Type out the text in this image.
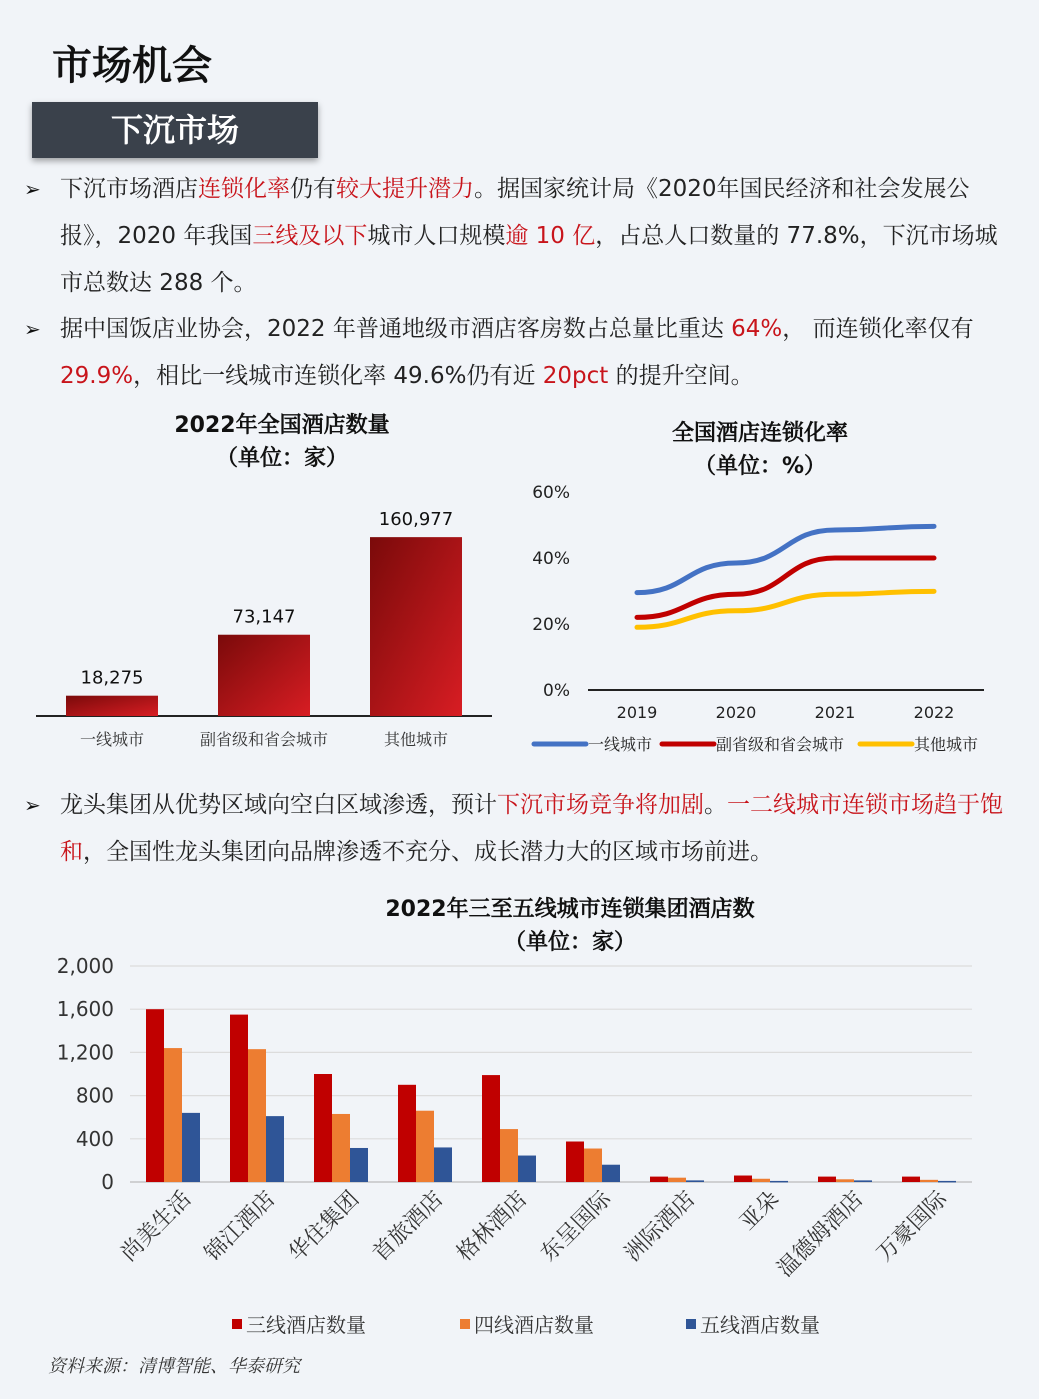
市场机会
下沉市场
➢ 下沉市场酒店连锁化率仍有较大提升潜力。据国家统计局《2020年国民经济和社会发展公报》，2020 年我国三线及以下城市人口规模逾 10 亿，占总人口数量的 77.8%，下沉市场城市总数达 288 个。
➢ 据中国饭店业协会，2022 年普通地级市酒店客房数占总量比重达 64%， 而连锁化率仅有 29.9%，相比一线城市连锁化率 49.6%仍有近 20pct 的提升空间。
➢ 龙头集团从优势区域向空白区域渗透，预计下沉市场竞争将加剧。一二线城市连锁市场趋于饱和，全国性龙头集团向品牌渗透不充分、成长潜力大的区域市场前进。
2022年全国酒店数量
（单位：家）
18,275
一线城市
73,147
副省级和省会城市
160,977
其他城市
全国酒店连锁化率
（单位：%）
0%
20%
40%
60%
2019	2020	2021	2022
一线城市	副省级和省会城市	其他城市
2022年三至五线城市连锁集团酒店数
（单位：家）
0
400
800
1,200
1,600
2,000
尚美生活 锦江酒店 华住集团 首旅酒店 格林酒店 东呈国际 洲际酒店 亚朵
温德姆酒店 万豪国际
三线酒店数量	四线酒店数量	五线酒店数量
资料来源：清博智能、华泰研究
